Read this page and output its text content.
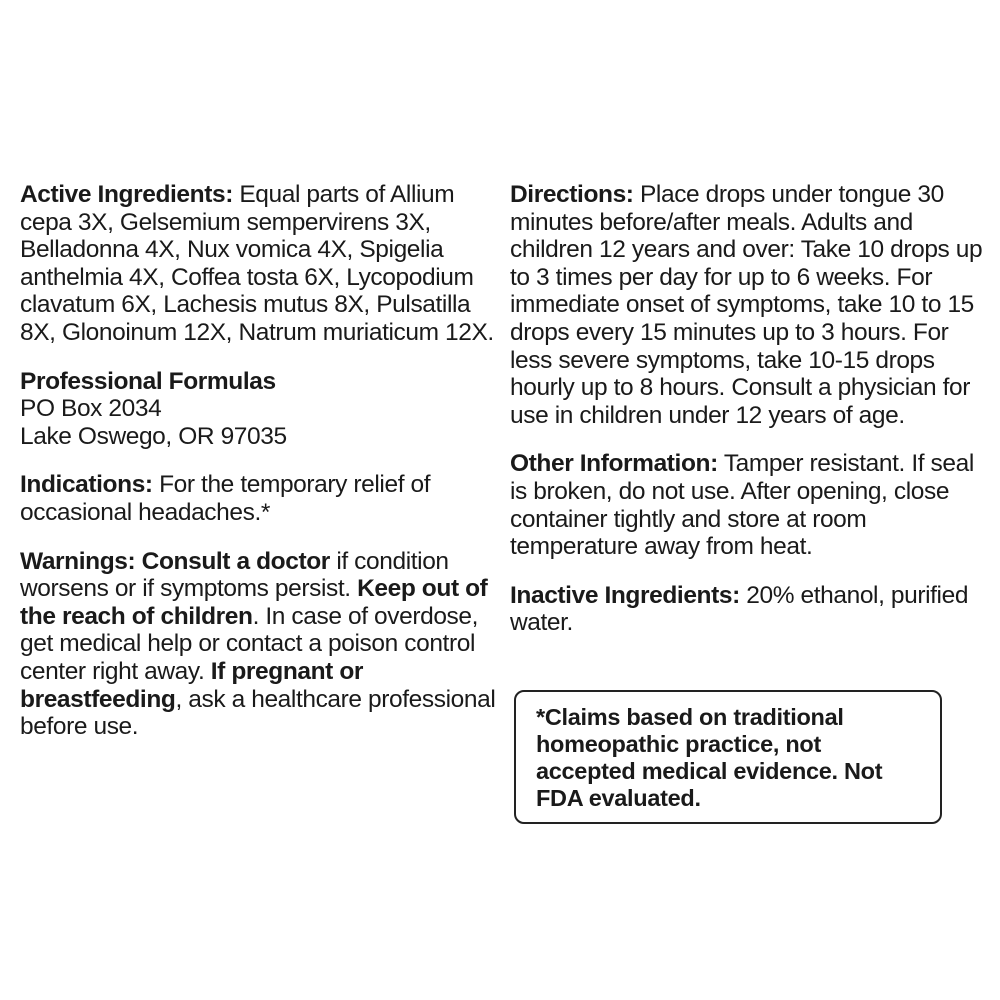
Active Ingredients: Equal parts of Allium cepa 3X, Gelsemium sempervirens 3X, Belladonna 4X, Nux vomica 4X, Spigelia anthelmia 4X, Coffea tosta 6X, Lycopodium clavatum 6X, Lachesis mutus 8X, Pulsatilla 8X, Glonoinum 12X, Natrum muriaticum 12X.

Professional Formulas
PO Box 2034
Lake Oswego, OR 97035

Indications: For the temporary relief of occasional headaches.*

Warnings: Consult a doctor if condition worsens or if symptoms persist. Keep out of the reach of children. In case of overdose, get medical help or contact a poison control center right away. If pregnant or breastfeeding, ask a healthcare professional before use.

Directions: Place drops under tongue 30 minutes before/after meals. Adults and children 12 years and over: Take 10 drops up to 3 times per day for up to 6 weeks. For immediate onset of symptoms, take 10 to 15 drops every 15 minutes up to 3 hours. For less severe symptoms, take 10-15 drops hourly up to 8 hours. Consult a physician for use in children under 12 years of age.

Other Information: Tamper resistant. If seal is broken, do not use. After opening, close container tightly and store at room temperature away from heat.

Inactive Ingredients: 20% ethanol, purified water.

*Claims based on traditional homeopathic practice, not accepted medical evidence. Not FDA evaluated.
